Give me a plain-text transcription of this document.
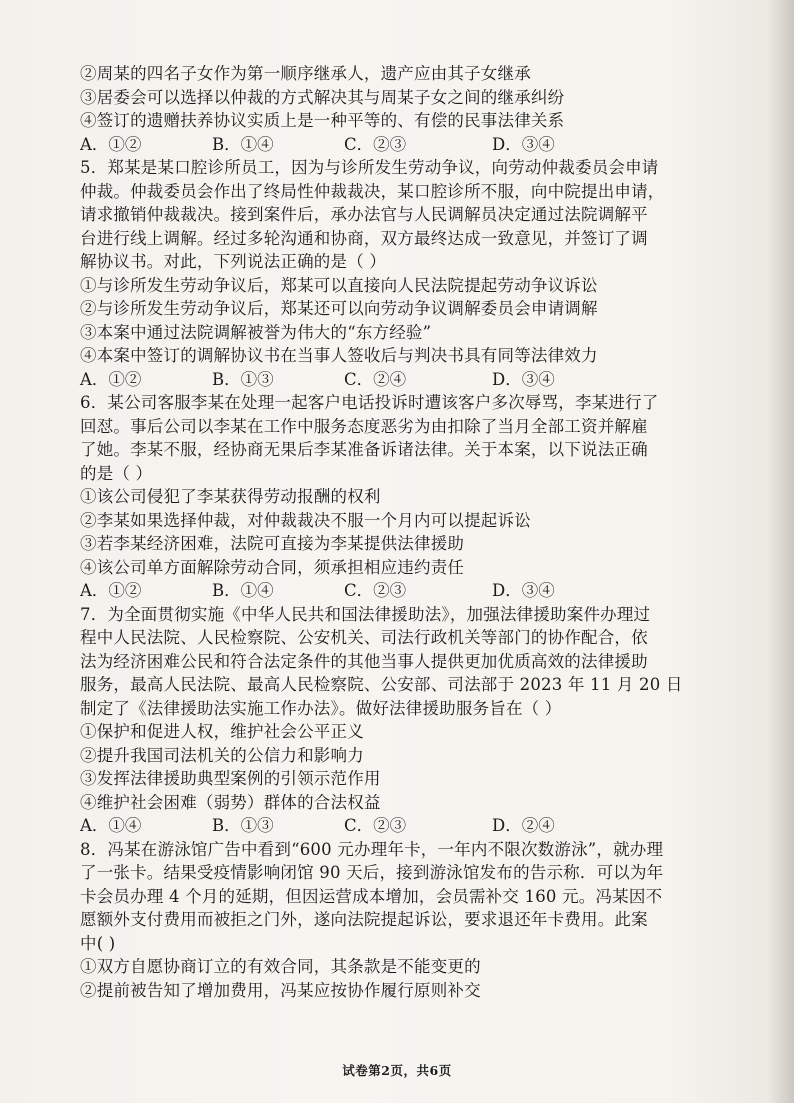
②周某的四名子女作为第一顺序继承人，遗产应由其子女继承
③居委会可以选择以仲裁的方式解决其与周某子女之间的继承纠纷
④签订的遗赠扶养协议实质上是一种平等的、有偿的民事法律关系
A．①②	B．①④	C．②③	D．③④
5．郑某是某口腔诊所员工，因为与诊所发生劳动争议，向劳动仲裁委员会申请
仲裁。仲裁委员会作出了终局性仲裁裁决，某口腔诊所不服，向中院提出申请，
请求撤销仲裁裁决。接到案件后，承办法官与人民调解员决定通过法院调解平
台进行线上调解。经过多轮沟通和协商，双方最终达成一致意见，并签订了调
解协议书。对此，下列说法正确的是（ ）
①与诊所发生劳动争议后，郑某可以直接向人民法院提起劳动争议诉讼
②与诊所发生劳动争议后，郑某还可以向劳动争议调解委员会申请调解
③本案中通过法院调解被誉为伟大的“东方经验”
④本案中签订的调解协议书在当事人签收后与判决书具有同等法律效力
A．①②	B．①③	C．②④	D．③④
6．某公司客服李某在处理一起客户电话投诉时遭该客户多次辱骂，李某进行了
回怼。事后公司以李某在工作中服务态度恶劣为由扣除了当月全部工资并解雇
了她。李某不服，经协商无果后李某准备诉诸法律。关于本案，以下说法正确
的是（ ）
①该公司侵犯了李某获得劳动报酬的权利
②李某如果选择仲裁，对仲裁裁决不服一个月内可以提起诉讼
③若李某经济困难，法院可直接为李某提供法律援助
④该公司单方面解除劳动合同，须承担相应违约责任
A．①②	B．①④	C．②③	D．③④
7．为全面贯彻实施《中华人民共和国法律援助法》，加强法律援助案件办理过
程中人民法院、人民检察院、公安机关、司法行政机关等部门的协作配合，依
法为经济困难公民和符合法定条件的其他当事人提供更加优质高效的法律援助
服务，最高人民法院、最高人民检察院、公安部、司法部于 2023 年 11 月 20 日
制定了《法律援助法实施工作办法》。做好法律援助服务旨在（ ）
①保护和促进人权，维护社会公平正义
②提升我国司法机关的公信力和影响力
③发挥法律援助典型案例的引领示范作用
④维护社会困难（弱势）群体的合法权益
A．①④	B．①③	C．②③	D．②④
8．冯某在游泳馆广告中看到“600 元办理年卡，一年内不限次数游泳”，就办理
了一张卡。结果受疫情影响闭馆 90 天后，接到游泳馆发布的告示称．可以为年
卡会员办理 4 个月的延期，但因运营成本增加，会员需补交 160 元。冯某因不
愿额外支付费用而被拒之门外，遂向法院提起诉讼，要求退还年卡费用。此案
中( )
①双方自愿协商订立的有效合同，其条款是不能变更的
②提前被告知了增加费用，冯某应按协作履行原则补交
试卷第2页，共6页
